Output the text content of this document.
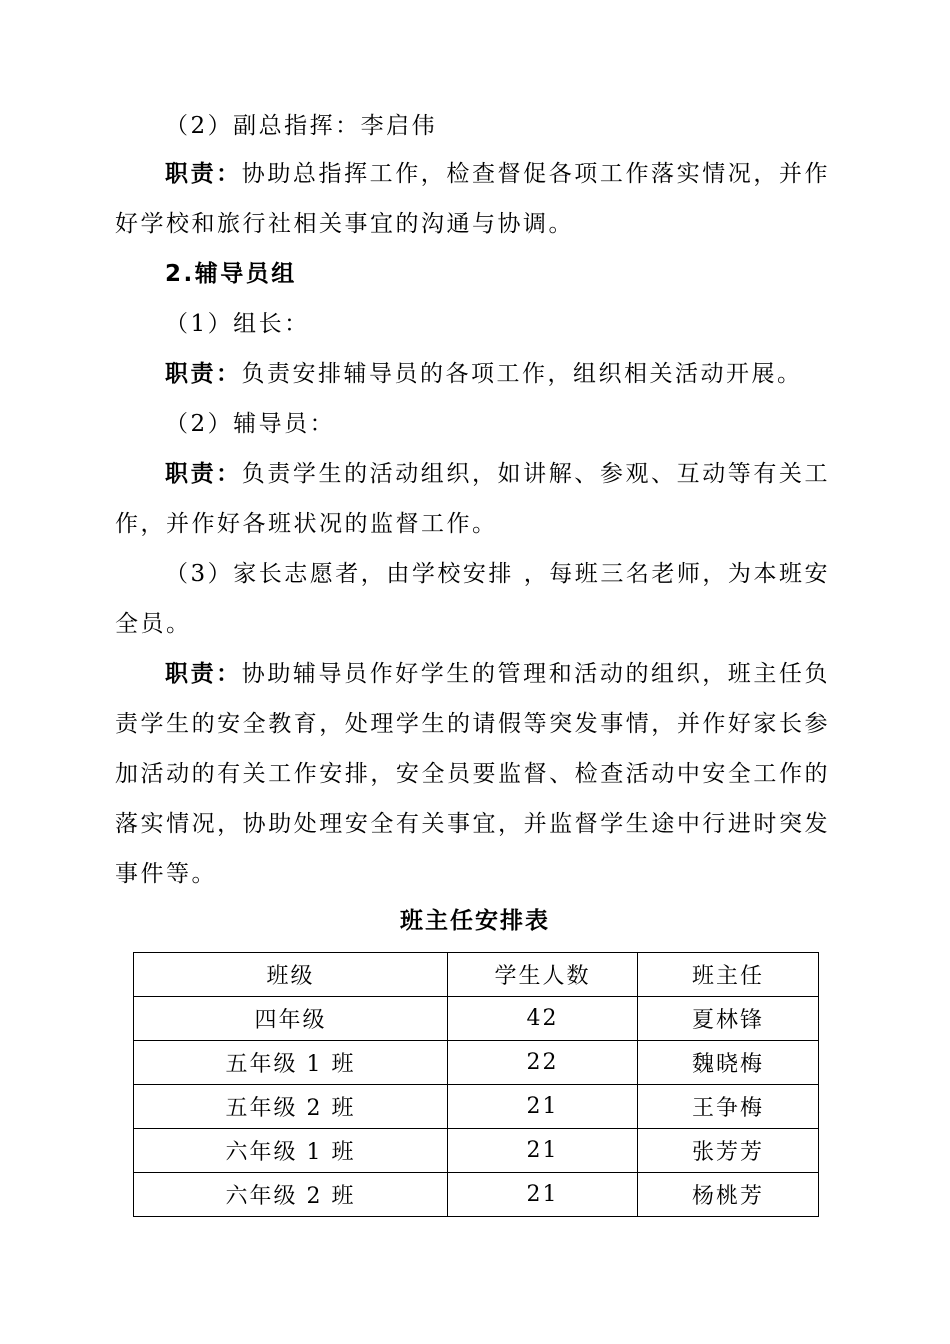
（2）副总指挥：李启伟
职责：协助总指挥工作，检查督促各项工作落实情况，并作
好学校和旅行社相关事宜的沟通与协调。
2.辅导员组
（1）组长：
职责：负责安排辅导员的各项工作，组织相关活动开展。
（2）辅导员：
职责：负责学生的活动组织，如讲解、参观、互动等有关工
作，并作好各班状况的监督工作。
（3）家长志愿者，由学校安排 ，每班三名老师，为本班安
全员。
职责：协助辅导员作好学生的管理和活动的组织，班主任负
责学生的安全教育，处理学生的请假等突发事情，并作好家长参
加活动的有关工作安排，安全员要监督、检查活动中安全工作的
落实情况，协助处理安全有关事宜，并监督学生途中行进时突发
事件等。
班主任安排表
班级	学生人数	班主任
四年级	42	夏林锋
五年级 1 班	22	魏晓梅
五年级 2 班	21	王争梅
六年级 1 班	21	张芳芳
六年级 2 班	21	杨桃芳
